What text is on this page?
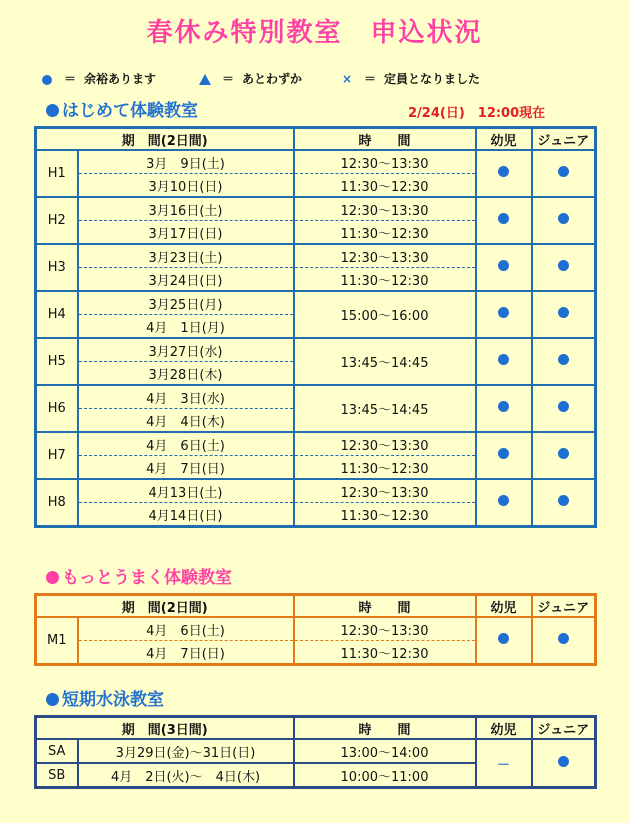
春休み特別教室　申込状況
＝ 余裕あります	＝ あとわずか	× ＝ 定員となりました
はじめて体験教室	2/24(日)　12:00現在
期　間(2日間)		時　　間	幼児	ジュニア
H1	3月　9日(土)	12:30～13:30		
	3月10日(日)	11:30～12:30		
H2	3月16日(土)	12:30～13:30		
	3月17日(日)	11:30～12:30		
H3	3月23日(土)	12:30～13:30		
	3月24日(日)	11:30～12:30		
H4	3月25日(月)	15:00～16:00		
	4月　1日(月)			
H5	3月27日(水)	13:45～14:45		
	3月28日(木)			
H6	4月　3日(水)	13:45～14:45		
	4月　4日(木)			
H7	4月　6日(土)	12:30～13:30		
	4月　7日(日)	11:30～12:30		
H8	4月13日(土)	12:30～13:30		
	4月14日(日)	11:30～12:30		
もっとうまく体験教室
期　間(2日間)		時　　間	幼児	ジュニア
M1	4月　6日(土)	12:30～13:30		
	4月　7日(日)	11:30～12:30		
短期水泳教室
期　間(3日間)		時　　間	幼児	ジュニア
SA	3月29日(金)～31日(日)	13:00～14:00	－	
SB	4月　2日(火)～　4日(木)	10:00～11:00		
